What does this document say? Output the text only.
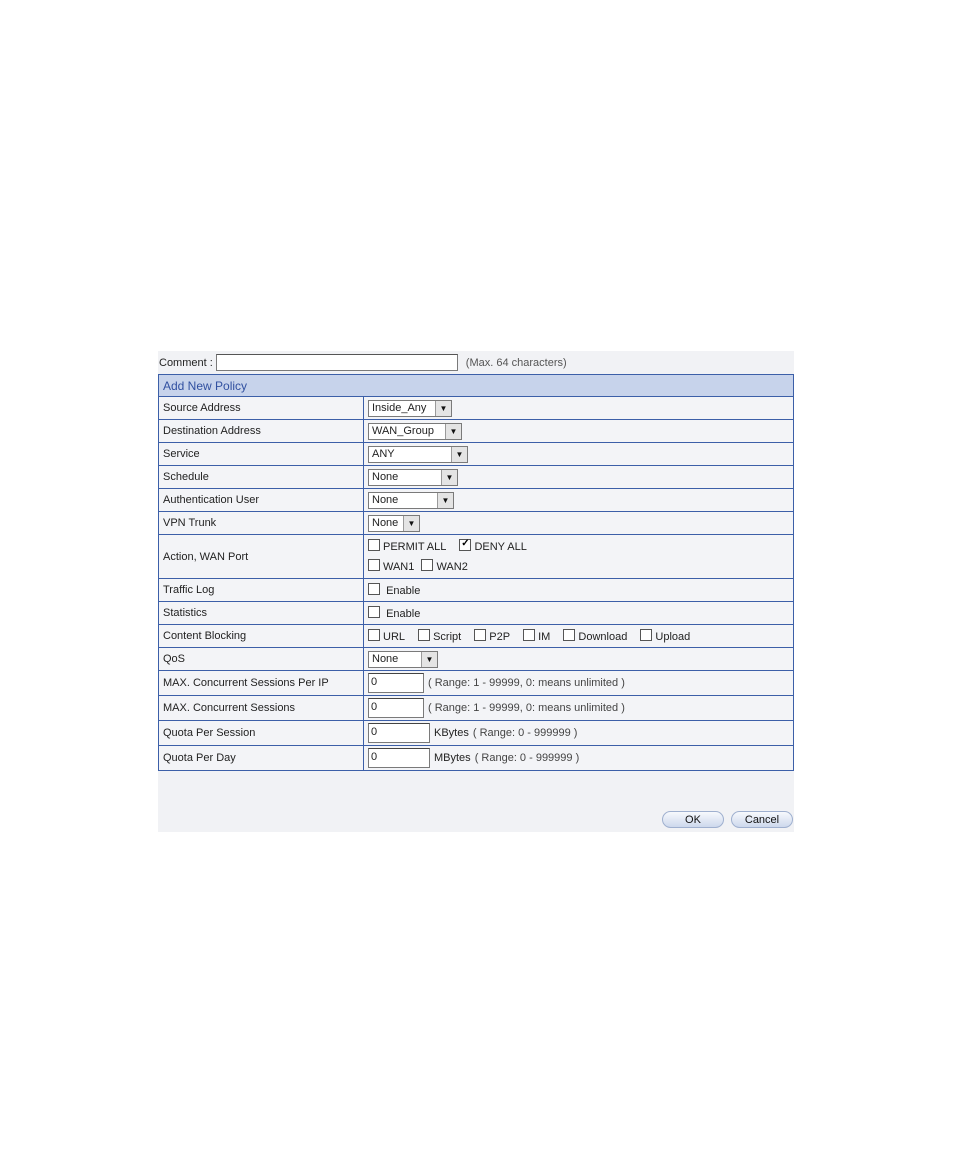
Comment :	(Max. 64 characters)
Add New Policy	
Source Address	Inside_Any ▼

Destination Address	WAN_Group ▼

Service	ANY ▼

Schedule	None ▼

Authentication User	None ▼

VPN Trunk	None ▼

Action, WAN Port	PERMIT ALL ✓ DENY ALL
WAN1 WAN2

Traffic Log	Enable
Statistics	Enable
Content Blocking	URL Script P2P IM Download Upload
QoS	None ▼

MAX. Concurrent Sessions Per IP	0 ( Range: 1 - 99999, 0: means unlimited )
MAX. Concurrent Sessions	0 ( Range: 1 - 99999, 0: means unlimited )
Quota Per Session	0 KBytes ( Range: 0 - 999999 )
Quota Per Day	0 MBytes ( Range: 0 - 999999 )
OK	Cancel
